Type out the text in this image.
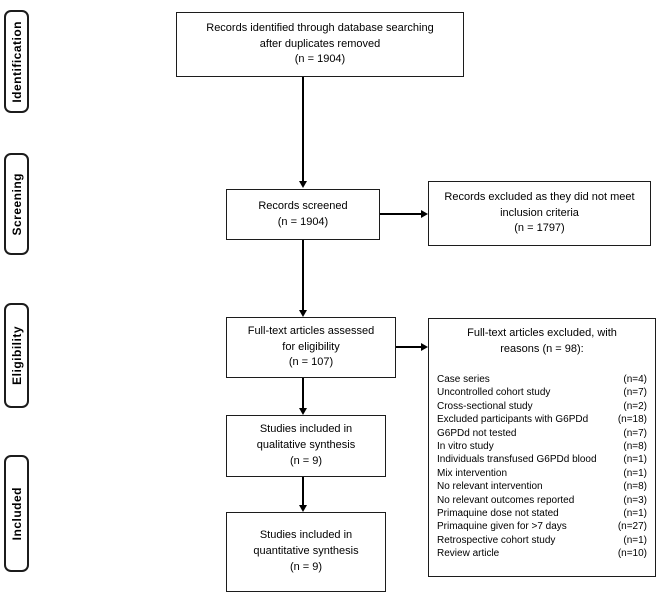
Identification
Screening
Eligibility
Included
Records identified through database searching
after duplicates removed
(n = 1904)
Records screened
(n = 1904)
Records excluded as they did not meet
inclusion criteria
(n = 1797)
Full-text articles assessed
for eligibility
(n = 107)
Full-text articles excluded, with
reasons (n = 98):
Case series	(n=4)
Uncontrolled cohort study	(n=7)
Cross-sectional study	(n=2)
Excluded participants with G6PDd	(n=18)
G6PDd not tested	(n=7)
In vitro study	(n=8)
Individuals transfused G6PDd blood	(n=1)
Mix intervention	(n=1)
No relevant intervention	(n=8)
No relevant outcomes reported	(n=3)
Primaquine dose not stated	(n=1)
Primaquine given for >7 days	(n=27)
Retrospective cohort study	(n=1)
Review article	(n=10)
Studies included in
qualitative synthesis
(n = 9)
Studies included in
quantitative synthesis
(n = 9)
